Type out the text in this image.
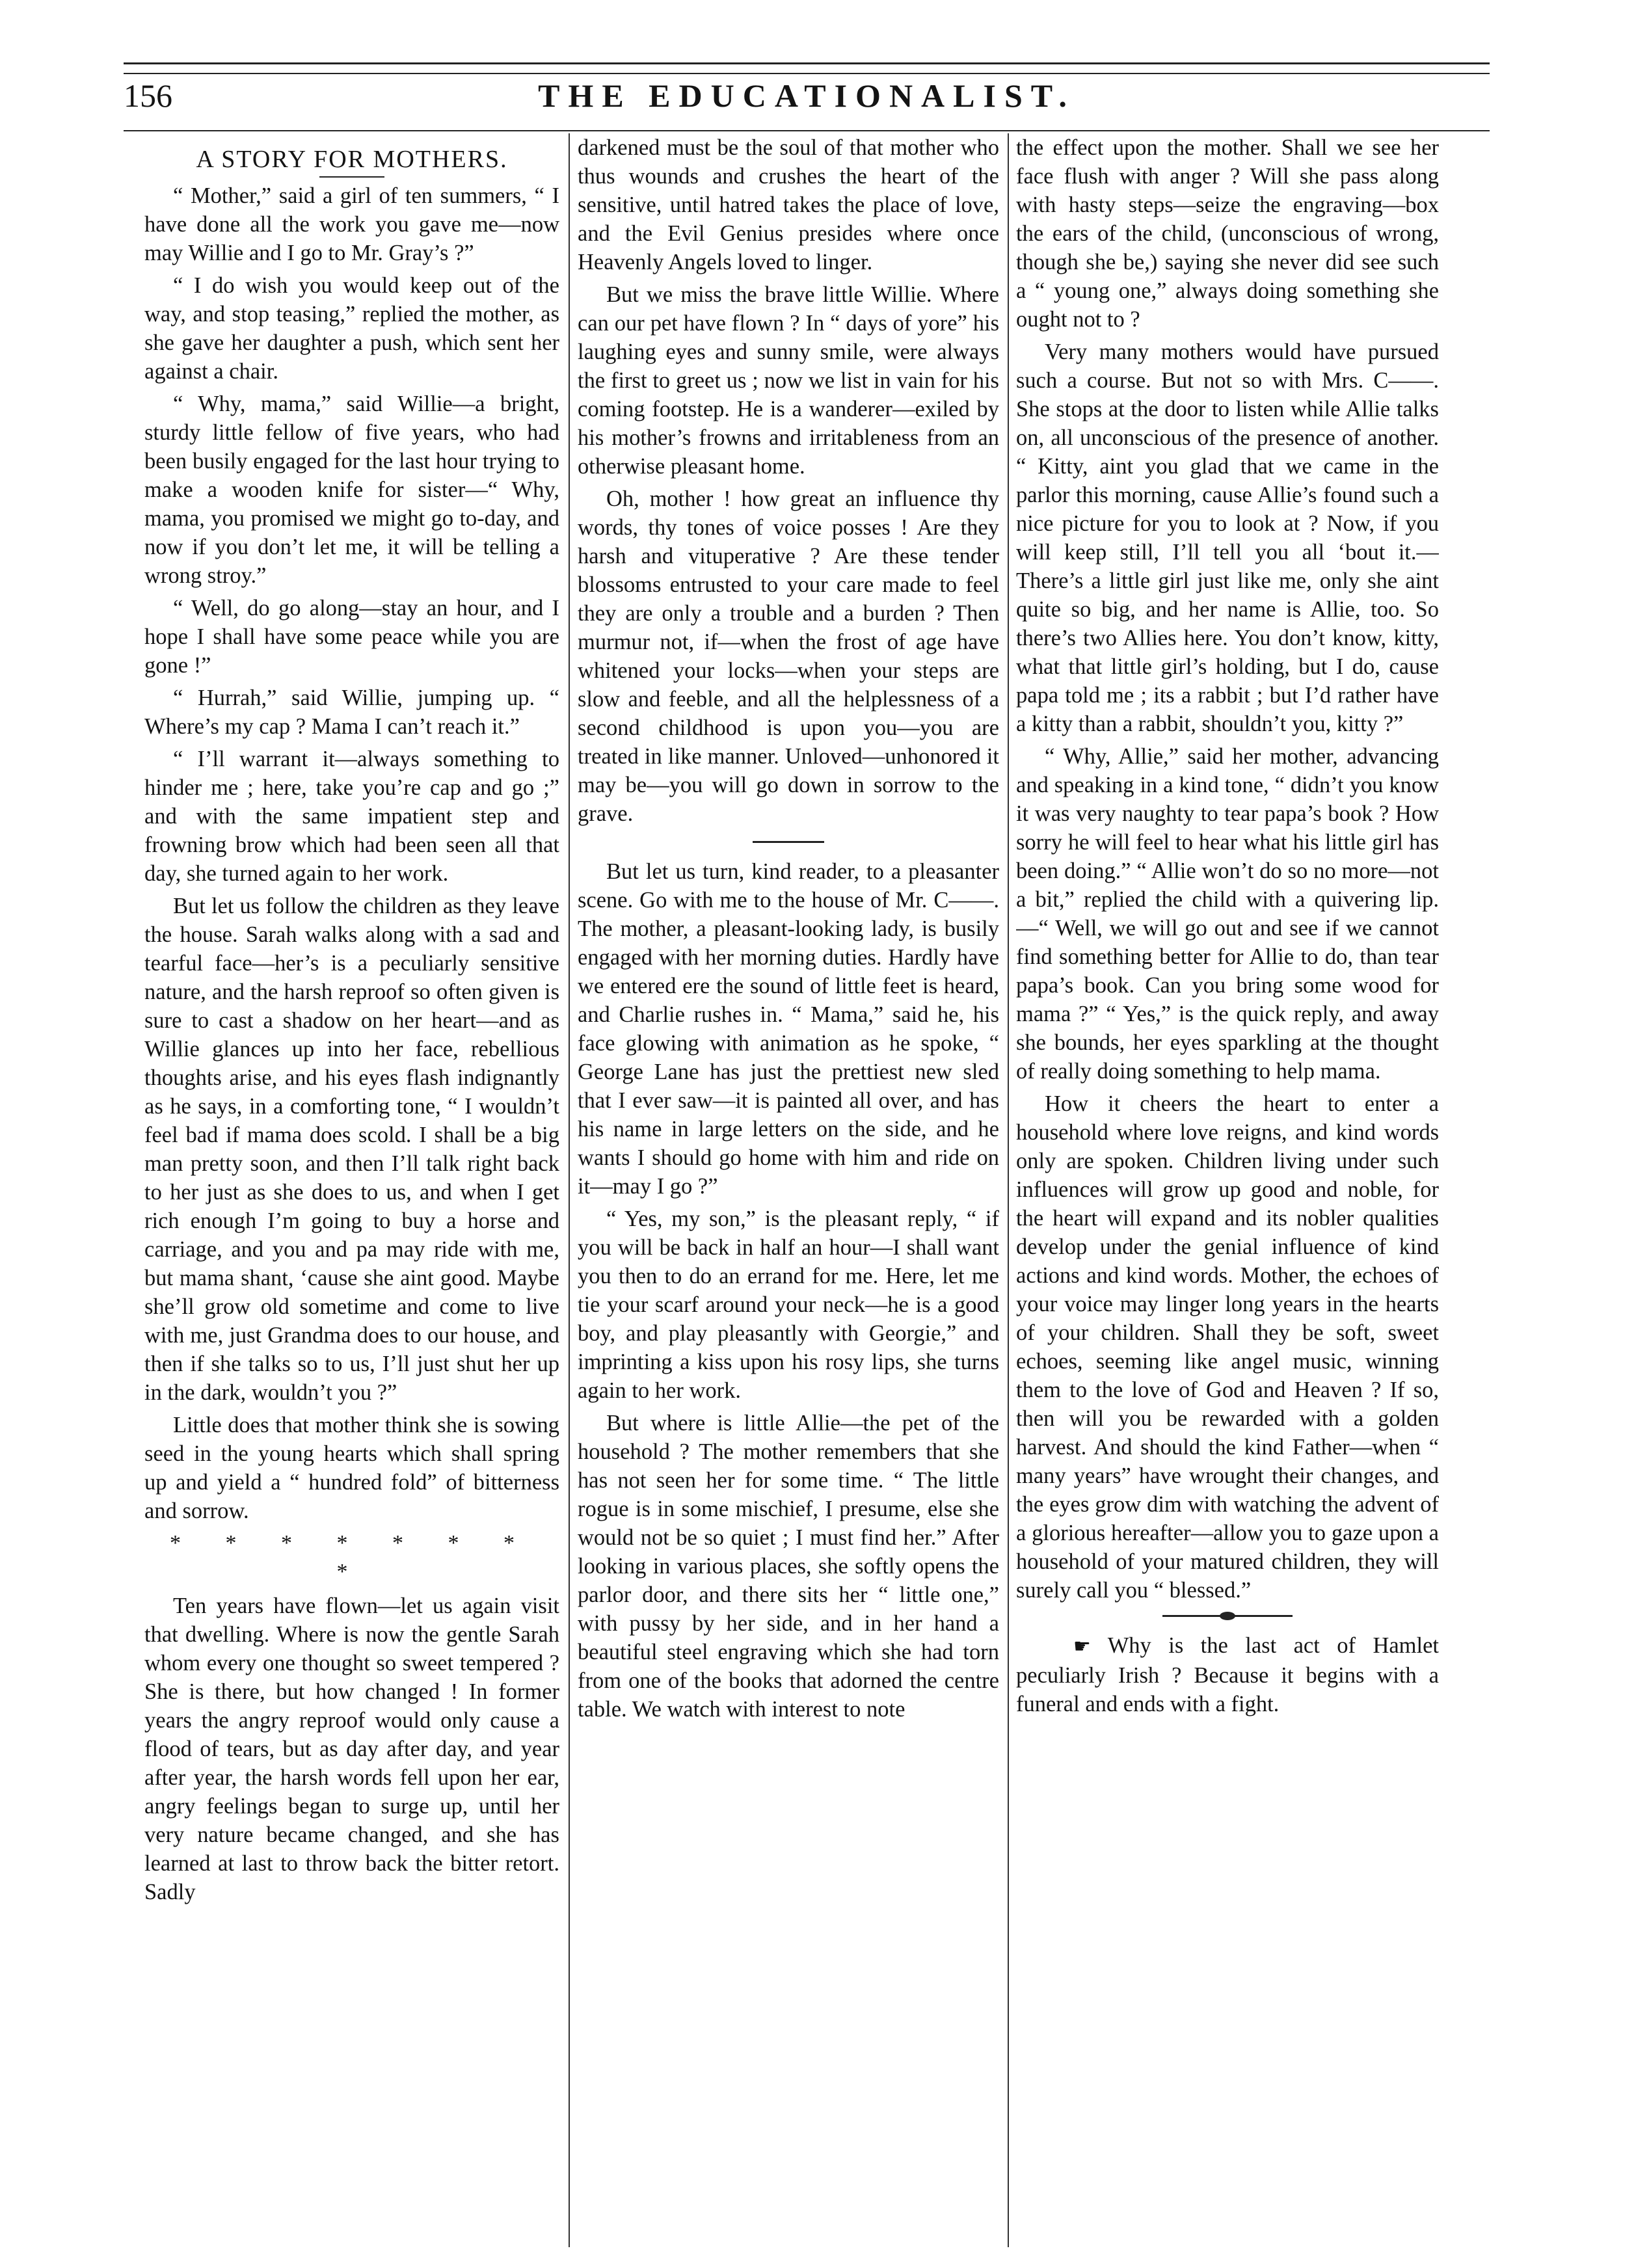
156	THE EDUCATIONALIST.
A STORY FOR MOTHERS.

“ Mother,” said a girl of ten summers, “ I have done all the work you gave me—now may Willie and I go to Mr. Gray’s ?”

“ I do wish you would keep out of the way, and stop teasing,” replied the mother, as she gave her daughter a push, which sent her against a chair.

“ Why, mama,” said Willie—a bright, sturdy little fellow of five years, who had been busily engaged for the last hour trying to make a wooden knife for sister—“ Why, mama, you promised we might go to-day, and now if you don’t let me, it will be telling a wrong stroy.”

“ Well, do go along—stay an hour, and I hope I shall have some peace while you are gone !”

“ Hurrah,” said Willie, jumping up. “ Where’s my cap ? Mama I can’t reach it.”

“ I’ll warrant it—always something to hinder me ; here, take you’re cap and go ;” and with the same impatient step and frowning brow which had been seen all that day, she turned again to her work.

But let us follow the children as they leave the house. Sarah walks along with a sad and tearful face—her’s is a peculiarly sensitive nature, and the harsh reproof so often given is sure to cast a shadow on her heart—and as Willie glances up into her face, rebellious thoughts arise, and his eyes flash indignantly as he says, in a comforting tone, “ I wouldn’t feel bad if mama does scold. I shall be a big man pretty soon, and then I’ll talk right back to her just as she does to us, and when I get rich enough I’m going to buy a horse and carriage, and you and pa may ride with me, but mama shant, ‘cause she aint good. Maybe she’ll grow old sometime and come to live with me, just Grandma does to our house, and then if she talks so to us, I’ll just shut her up in the dark, wouldn’t you ?”

Little does that mother think she is sowing seed in the young hearts which shall spring up and yield a “ hundred fold” of bitterness and sorrow.

* * * * * * * *

Ten years have flown—let us again visit that dwelling. Where is now the gentle Sarah whom every one thought so sweet tempered ? She is there, but how changed ! In former years the angry reproof would only cause a flood of tears, but as day after day, and year after year, the harsh words fell upon her ear, angry feelings began to surge up, until her very nature became changed, and she has learned at last to throw back the bitter retort. Sadly

darkened must be the soul of that mother who thus wounds and crushes the heart of the sensitive, until hatred takes the place of love, and the Evil Genius presides where once Heavenly Angels loved to linger.

But we miss the brave little Willie. Where can our pet have flown ? In “ days of yore” his laughing eyes and sunny smile, were always the first to greet us ; now we list in vain for his coming footstep. He is a wanderer—exiled by his mother’s frowns and irritableness from an otherwise pleasant home.

Oh, mother ! how great an influence thy words, thy tones of voice posses ! Are they harsh and vituperative ? Are these tender blossoms entrusted to your care made to feel they are only a trouble and a burden ? Then murmur not, if—when the frost of age have whitened your locks—when your steps are slow and feeble, and all the helplessness of a second childhood is upon you—you are treated in like manner. Unloved—unhonored it may be—you will go down in sorrow to the grave.

But let us turn, kind reader, to a pleasanter scene. Go with me to the house of Mr. C——. The mother, a pleasant-looking lady, is busily engaged with her morning duties. Hardly have we entered ere the sound of little feet is heard, and Charlie rushes in. “ Mama,” said he, his face glowing with animation as he spoke, “ George Lane has just the prettiest new sled that I ever saw—it is painted all over, and has his name in large letters on the side, and he wants I should go home with him and ride on it—may I go ?”

“ Yes, my son,” is the pleasant reply, “ if you will be back in half an hour—I shall want you then to do an errand for me. Here, let me tie your scarf around your neck—he is a good boy, and play pleasantly with Georgie,” and imprinting a kiss upon his rosy lips, she turns again to her work.

But where is little Allie—the pet of the household ? The mother remembers that she has not seen her for some time. “ The little rogue is in some mischief, I presume, else she would not be so quiet ; I must find her.” After looking in various places, she softly opens the parlor door, and there sits her “ little one,” with pussy by her side, and in her hand a beautiful steel engraving which she had torn from one of the books that adorned the centre table. We watch with interest to note

the effect upon the mother. Shall we see her face flush with anger ? Will she pass along with hasty steps—seize the engraving—box the ears of the child, (unconscious of wrong, though she be,) saying she never did see such a “ young one,” always doing something she ought not to ?

Very many mothers would have pursued such a course. But not so with Mrs. C——. She stops at the door to listen while Allie talks on, all unconscious of the presence of another. “ Kitty, aint you glad that we came in the parlor this morning, cause Allie’s found such a nice picture for you to look at ? Now, if you will keep still, I’ll tell you all ‘bout it.—There’s a little girl just like me, only she aint quite so big, and her name is Allie, too. So there’s two Allies here. You don’t know, kitty, what that little girl’s holding, but I do, cause papa told me ; its a rabbit ; but I’d rather have a kitty than a rabbit, shouldn’t you, kitty ?”

“ Why, Allie,” said her mother, advancing and speaking in a kind tone, “ didn’t you know it was very naughty to tear papa’s book ? How sorry he will feel to hear what his little girl has been doing.” “ Allie won’t do so no more—not a bit,” replied the child with a quivering lip.—“ Well, we will go out and see if we cannot find something better for Allie to do, than tear papa’s book. Can you bring some wood for mama ?” “ Yes,” is the quick reply, and away she bounds, her eyes sparkling at the thought of really doing something to help mama.

How it cheers the heart to enter a household where love reigns, and kind words only are spoken. Children living under such influences will grow up good and noble, for the heart will expand and its nobler qualities develop under the genial influence of kind actions and kind words. Mother, the echoes of your voice may linger long years in the hearts of your children. Shall they be soft, sweet echoes, seeming like angel music, winning them to the love of God and Heaven ? If so, then will you be rewarded with a golden harvest. And should the kind Father—when “ many years” have wrought their changes, and the eyes grow dim with watching the advent of a glorious hereafter—allow you to gaze upon a household of your matured children, they will surely call you “ blessed.”

☛ Why is the last act of Hamlet peculiarly Irish ? Because it begins with a funeral and ends with a fight.
